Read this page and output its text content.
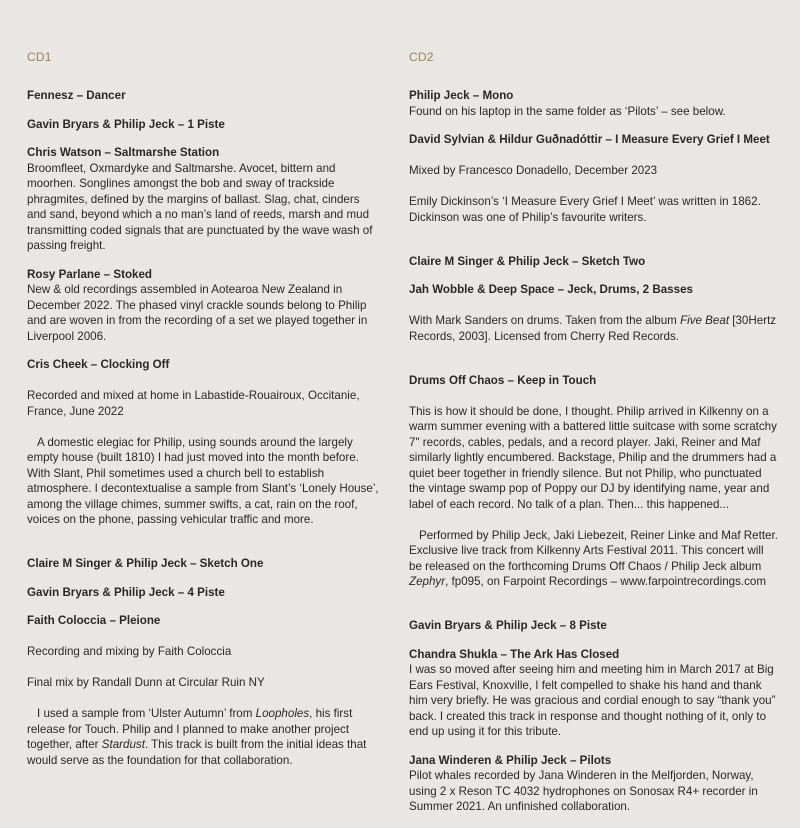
CD1
Fennesz – Dancer
Gavin Bryars & Philip Jeck – 1 Piste
Chris Watson – Saltmarshe Station
Broomfleet, Oxmardyke and Saltmarshe. Avocet, bittern and moorhen. Songlines amongst the bob and sway of trackside phragmites, defined by the margins of ballast. Slag, chat, cinders and sand, beyond which a no man’s land of reeds, marsh and mud transmitting coded signals that are punctuated by the wave wash of passing freight.
Rosy Parlane – Stoked
New & old recordings assembled in Aotearoa New Zealand in December 2022. The phased vinyl crackle sounds belong to Philip and are woven in from the recording of a set we played together in Liverpool 2006.
Cris Cheek – Clocking Off

Recorded and mixed at home in Labastide-Rouairoux, Occitanie, France, June 2022

A domestic elegiac for Philip, using sounds around the largely empty house (built 1810) I had just moved into the month before. With Slant, Phil sometimes used a church bell to establish atmosphere. I decontextualise a sample from Slant’s ‘Lonely House’, among the village chimes, summer swifts, a cat, rain on the roof, voices on the phone, passing vehicular traffic and more.

Claire M Singer & Philip Jeck – Sketch One
Gavin Bryars & Philip Jeck – 4 Piste
Faith Coloccia – Pleione

Recording and mixing by Faith Coloccia

Final mix by Randall Dunn at Circular Ruin NY

I used a sample from ‘Ulster Autumn’ from Loopholes, his first release for Touch. Philip and I planned to make another project together, after Stardust. This track is built from the initial ideas that would serve as the foundation for that collaboration.

CD2
Philip Jeck – Mono
Found on his laptop in the same folder as ‘Pilots’ – see below.
David Sylvian & Hildur Guðnadóttir – I Measure Every Grief I Meet

Mixed by Francesco Donadello, December 2023

Emily Dickinson’s ‘I Measure Every Grief I Meet’ was written in 1862. Dickinson was one of Philip’s favourite writers.

Claire M Singer & Philip Jeck – Sketch Two
Jah Wobble & Deep Space – Jeck, Drums, 2 Basses

With Mark Sanders on drums. Taken from the album Five Beat [30Hertz Records, 2003]. Licensed from Cherry Red Records.

Drums Off Chaos – Keep in Touch

This is how it should be done, I thought. Philip arrived in Kilkenny on a warm summer evening with a battered little suitcase with some scratchy 7" records, cables, pedals, and a record player. Jaki, Reiner and Maf similarly lightly encumbered. Backstage, Philip and the drummers had a quiet beer together in friendly silence. But not Philip, who punctuated the vintage swamp pop of Poppy our DJ by identifying name, year and label of each record. No talk of a plan. Then... this happened...

Performed by Philip Jeck, Jaki Liebezeit, Reiner Linke and Maf Retter. Exclusive live track from Kilkenny Arts Festival 2011. This concert will be released on the forthcoming Drums Off Chaos / Philip Jeck album Zephyr, fp095, on Farpoint Recordings – www.farpointrecordings.com

Gavin Bryars & Philip Jeck – 8 Piste
Chandra Shukla – The Ark Has Closed
I was so moved after seeing him and meeting him in March 2017 at Big Ears Festival, Knoxville, I felt compelled to shake his hand and thank him very briefly. He was gracious and cordial enough to say “thank you” back. I created this track in response and thought nothing of it, only to end up using it for this tribute.
Jana Winderen & Philip Jeck – Pilots
Pilot whales recorded by Jana Winderen in the Melfjorden, Norway, using 2 x Reson TC 4032 hydrophones on Sonosax R4+ recorder in Summer 2021. An unfinished collaboration.
